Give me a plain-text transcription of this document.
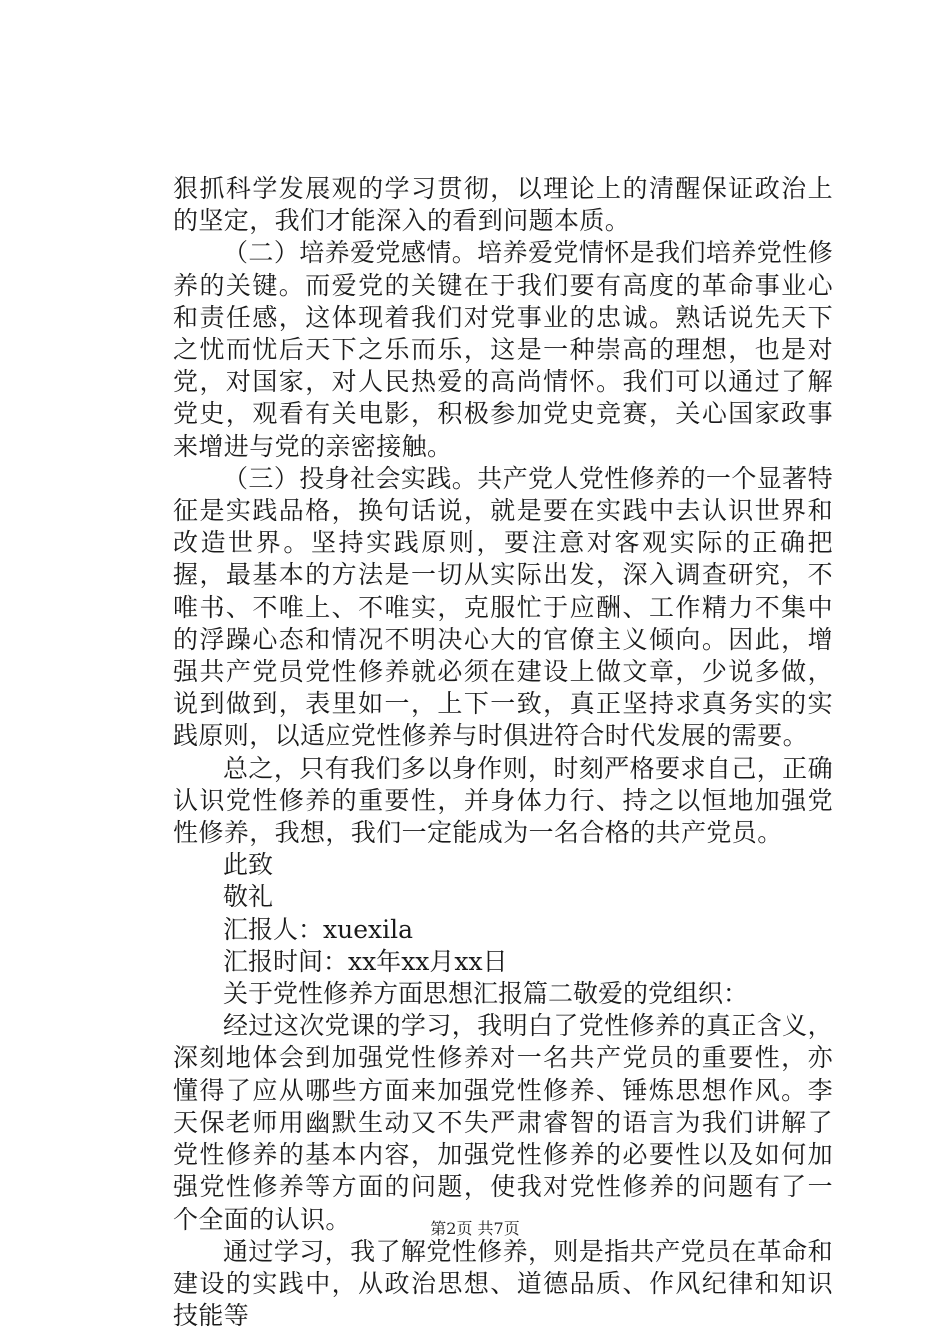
狠抓科学发展观的学习贯彻，以理论上的清醒保证政治上的坚定，我们才能深入的看到问题本质。

（二）培养爱党感情。培养爱党情怀是我们培养党性修养的关键。而爱党的关键在于我们要有高度的革命事业心和责任感，这体现着我们对党事业的忠诚。熟话说先天下之忧而忧后天下之乐而乐，这是一种崇高的理想，也是对党，对国家，对人民热爱的高尚情怀。我们可以通过了解党史，观看有关电影，积极参加党史竞赛，关心国家政事来增进与党的亲密接触。

（三）投身社会实践。共产党人党性修养的一个显著特征是实践品格，换句话说，就是要在实践中去认识世界和改造世界。坚持实践原则，要注意对客观实际的正确把握，最基本的方法是一切从实际出发，深入调查研究，不唯书、不唯上、不唯实，克服忙于应酬、工作精力不集中的浮躁心态和情况不明决心大的官僚主义倾向。因此，增强共产党员党性修养就必须在建设上做文章，少说多做，说到做到，表里如一，上下一致，真正坚持求真务实的实践原则，以适应党性修养与时俱进符合时代发展的需要。

总之，只有我们多以身作则，时刻严格要求自己，正确认识党性修养的重要性，并身体力行、持之以恒地加强党性修养，我想，我们一定能成为一名合格的共产党员。

此致

敬礼

汇报人：xuexila

汇报时间：xx年xx月xx日

关于党性修养方面思想汇报篇二敬爱的党组织：

经过这次党课的学习，我明白了党性修养的真正含义，深刻地体会到加强党性修养对一名共产党员的重要性，亦懂得了应从哪些方面来加强党性修养、锤炼思想作风。李天保老师用幽默生动又不失严肃睿智的语言为我们讲解了党性修养的基本内容，加强党性修养的必要性以及如何加强党性修养等方面的问题，使我对党性修养的问题有了一个全面的认识。

通过学习，我了解党性修养，则是指共产党员在革命和建设的实践中，从政治思想、道德品质、作风纪律和知识技能等

第2页 共7页
